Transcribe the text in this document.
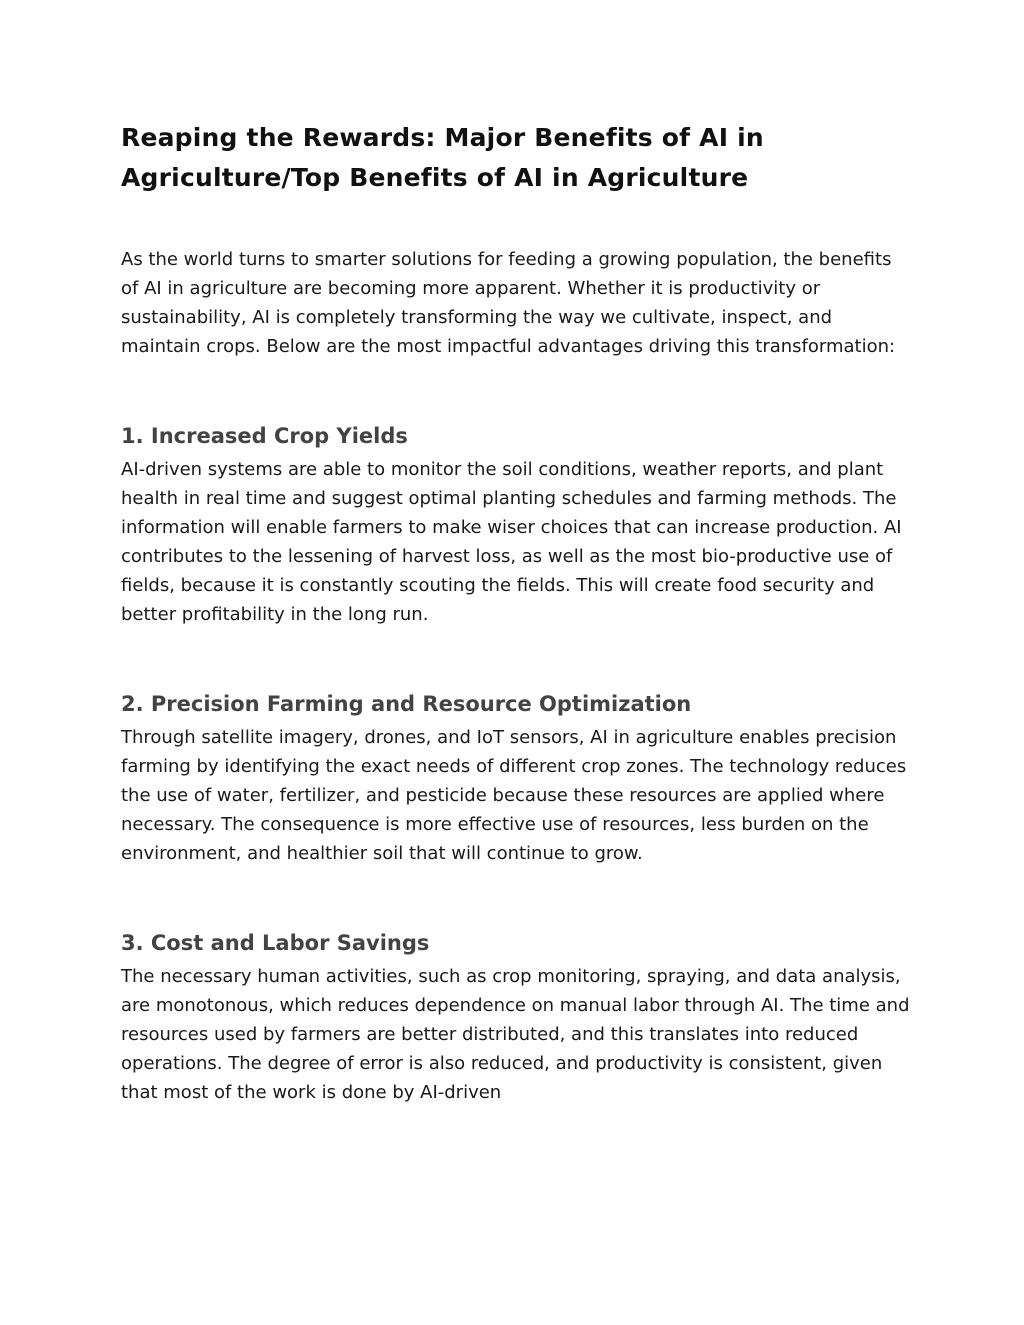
Reaping the Rewards: Major Benefits of AI in Agriculture/Top Benefits of AI in Agriculture

As the world turns to smarter solutions for feeding a growing population, the benefits of AI in agriculture are becoming more apparent. Whether it is productivity or sustainability, AI is completely transforming the way we cultivate, inspect, and maintain crops. Below are the most impactful advantages driving this transformation:

1. Increased Crop Yields

AI-driven systems are able to monitor the soil conditions, weather reports, and plant health in real time and suggest optimal planting schedules and farming methods. The information will enable farmers to make wiser choices that can increase production. AI contributes to the lessening of harvest loss, as well as the most bio-productive use of fields, because it is constantly scouting the fields. This will create food security and better profitability in the long run.

2. Precision Farming and Resource Optimization

Through satellite imagery, drones, and IoT sensors, AI in agriculture enables precision farming by identifying the exact needs of different crop zones. The technology reduces the use of water, fertilizer, and pesticide because these resources are applied where necessary. The consequence is more effective use of resources, less burden on the environment, and healthier soil that will continue to grow.

3. Cost and Labor Savings

The necessary human activities, such as crop monitoring, spraying, and data analysis, are monotonous, which reduces dependence on manual labor through AI. The time and resources used by farmers are better distributed, and this translates into reduced operations. The degree of error is also reduced, and productivity is consistent, given that most of the work is done by AI-driven
